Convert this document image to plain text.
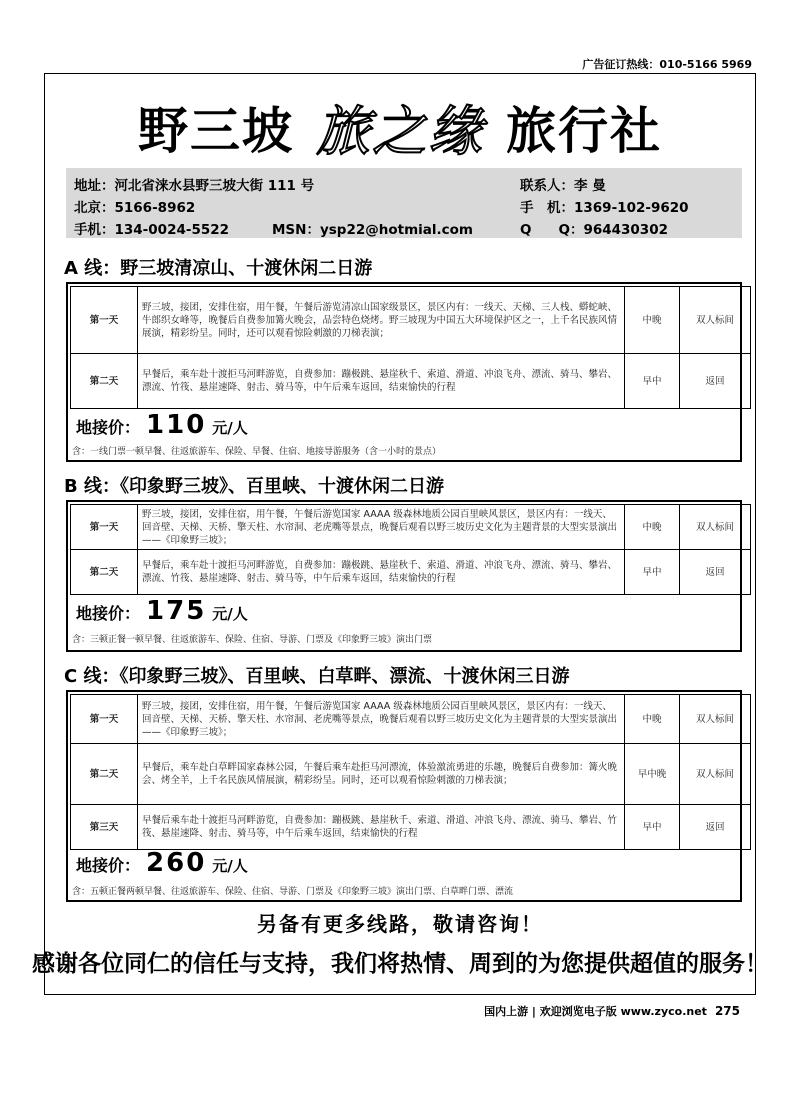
广告征订热线：010-5166 5969
野三坡 旅之缘 旅行社
地址：河北省涞水县野三坡大街 111 号	联系人：李 曼
北京：5166-8962	手　机：1369-102-9620
手机：134-0024-5522	MSN：ysp22@hotmial.com	Q　　Q：964430302
A 线：野三坡清凉山、十渡休闲二日游
第一天	野三坡，接团，安排住宿，用午餐，午餐后游览清凉山国家级景区，景区内有：一线天、天梯、三人栈、蟒蛇峡、牛郎织女峰等，晚餐后自费参加篝火晚会，品尝特色烧烤。野三坡现为中国五大环境保护区之一，上千名民族风情展演，精彩纷呈。同时，还可以观看惊险刺激的刀梯表演；	中晚	双人标间
第二天	早餐后，乘车赴十渡拒马河畔游览，自费参加：蹦极跳、悬崖秋千、索道、滑道、冲浪飞舟、漂流、骑马、攀岩、漂流、竹筏、悬崖速降、射击、骑马等，中午后乘车返回，结束愉快的行程	早中	返回
地接价： 110 元/人
含：一线门票一顿早餐、往返旅游车、保险、早餐、住宿、地接导游服务（含一小时的景点）
B 线：《印象野三坡》、百里峡、十渡休闲二日游
第一天	野三坡，接团，安排住宿，用午餐，午餐后游览国家 AAAA 级森林地质公园百里峡风景区，景区内有：一线天、回音壁、天梯、天桥、擎天柱、水帘洞、老虎嘴等景点，晚餐后观看以野三坡历史文化为主题背景的大型实景演出——《印象野三坡》；	中晚	双人标间
第二天	早餐后，乘车赴十渡拒马河畔游览，自费参加：蹦极跳、悬崖秋千、索道、滑道、冲浪飞舟、漂流、骑马、攀岩、漂流、竹筏、悬崖速降、射击、骑马等，中午后乘车返回，结束愉快的行程	早中	返回
地接价： 175 元/人
含：三顿正餐一顿早餐、往返旅游车、保险、住宿、导游、门票及《印象野三坡》演出门票
C 线：《印象野三坡》、百里峡、白草畔、漂流、十渡休闲三日游
第一天	野三坡，接团，安排住宿，用午餐，午餐后游览国家 AAAA 级森林地质公园百里峡风景区，景区内有：一线天、回音壁、天梯、天桥、擎天柱、水帘洞、老虎嘴等景点，晚餐后观看以野三坡历史文化为主题背景的大型实景演出——《印象野三坡》；	中晚	双人标间
第二天	早餐后，乘车赴白草畔国家森林公园，午餐后乘车赴拒马河漂流，体验激流勇进的乐趣，晚餐后自费参加：篝火晚会、烤全羊，上千名民族风情展演，精彩纷呈。同时，还可以观看惊险刺激的刀梯表演；	早中晚	双人标间
第三天	早餐后乘车赴十渡拒马河畔游览，自费参加：蹦极跳、悬崖秋千、索道、滑道、冲浪飞舟、漂流、骑马、攀岩、竹筏、悬崖速降、射击、骑马等，中午后乘车返回，结束愉快的行程	早中	返回
地接价： 260 元/人
含：五顿正餐两顿早餐、往返旅游车、保险、住宿、导游、门票及《印象野三坡》演出门票、白草畔门票、漂流
另备有更多线路，敬请咨询！
感谢各位同仁的信任与支持，我们将热情、周到的为您提供超值的服务！
国内上游 | 欢迎浏览电子版 www.zyco.net 275
